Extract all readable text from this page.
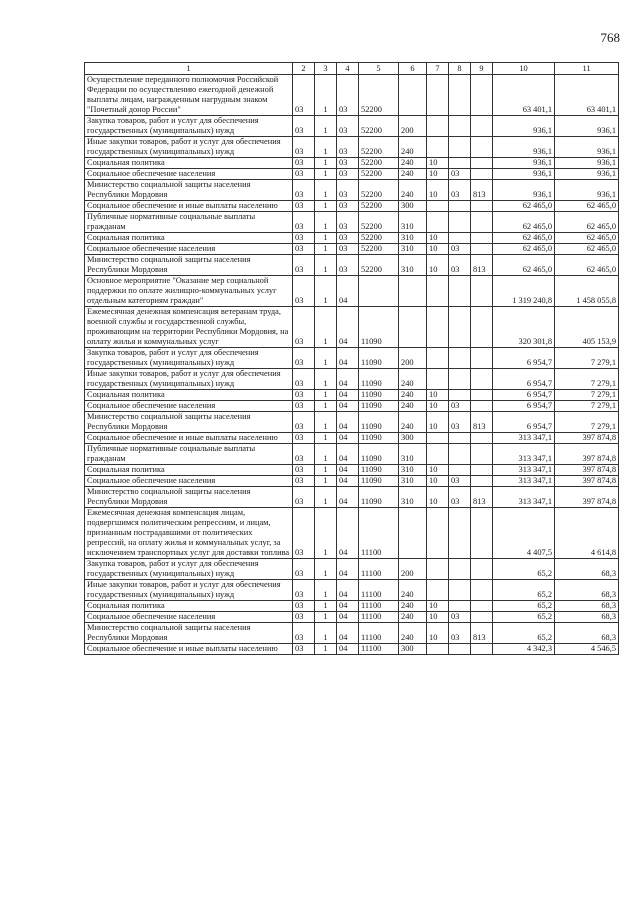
768
1	2	3	4	5	6	7	8	9	10	11
Осуществление переданного полномочия Российской Федерации по осуществлению ежегодной денежной выплаты лицам, награжденным нагрудным знаком "Почетный донор России"	03	1	03	52200					63 401,1	63 401,1
Закупка товаров, работ и услуг для обеспечения государственных (муниципальных) нужд	03	1	03	52200	200				936,1	936,1
Иные закупки товаров, работ и услуг для обеспечения государственных (муниципальных) нужд	03	1	03	52200	240				936,1	936,1
Социальная политика	03	1	03	52200	240	10			936,1	936,1
Социальное обеспечение населения	03	1	03	52200	240	10	03		936,1	936,1
Министерство социальной защиты населения Республики Мордовия	03	1	03	52200	240	10	03	813	936,1	936,1
Социальное обеспечение и иные выплаты населению	03	1	03	52200	300				62 465,0	62 465,0
Публичные нормативные социальные выплаты гражданам	03	1	03	52200	310				62 465,0	62 465,0
Социальная политика	03	1	03	52200	310	10			62 465,0	62 465,0
Социальное обеспечение населения	03	1	03	52200	310	10	03		62 465,0	62 465,0
Министерство социальной защиты населения Республики Мордовия	03	1	03	52200	310	10	03	813	62 465,0	62 465,0
Основное мероприятие "Оказание мер социальной поддержки по оплате жилищно-коммунальных услуг отдельным категориям граждан"	03	1	04						1 319 240,8	1 458 055,8
Ежемесячная денежная компенсация ветеранам труда, военной службы и государственной службы, проживающим на территории Республики Мордовия, на оплату жилья и коммунальных услуг	03	1	04	11090					320 301,8	405 153,9
Закупка товаров, работ и услуг для обеспечения государственных (муниципальных) нужд	03	1	04	11090	200				6 954,7	7 279,1
Иные закупки товаров, работ и услуг для обеспечения государственных (муниципальных) нужд	03	1	04	11090	240				6 954,7	7 279,1
Социальная политика	03	1	04	11090	240	10			6 954,7	7 279,1
Социальное обеспечение населения	03	1	04	11090	240	10	03		6 954,7	7 279,1
Министерство социальной защиты населения Республики Мордовия	03	1	04	11090	240	10	03	813	6 954,7	7 279,1
Социальное обеспечение и иные выплаты населению	03	1	04	11090	300				313 347,1	397 874,8
Публичные нормативные социальные выплаты гражданам	03	1	04	11090	310				313 347,1	397 874,8
Социальная политика	03	1	04	11090	310	10			313 347,1	397 874,8
Социальное обеспечение населения	03	1	04	11090	310	10	03		313 347,1	397 874,8
Министерство социальной защиты населения Республики Мордовия	03	1	04	11090	310	10	03	813	313 347,1	397 874,8
Ежемесячная денежная компенсация лицам, подвергшимся политическим репрессиям, и лицам, признанным пострадавшими от политических репрессий, на оплату жилья и коммунальных услуг, за исключением транспортных услуг для доставки топлива	03	1	04	11100					4 407,5	4 614,8
Закупка товаров, работ и услуг для обеспечения государственных (муниципальных) нужд	03	1	04	11100	200				65,2	68,3
Иные закупки товаров, работ и услуг для обеспечения государственных (муниципальных) нужд	03	1	04	11100	240				65,2	68,3
Социальная политика	03	1	04	11100	240	10			65,2	68,3
Социальное обеспечение населения	03	1	04	11100	240	10	03		65,2	68,3
Министерство социальной защиты населения Республики Мордовия	03	1	04	11100	240	10	03	813	65,2	68,3
Социальное обеспечение и иные выплаты населению	03	1	04	11100	300				4 342,3	4 546,5
